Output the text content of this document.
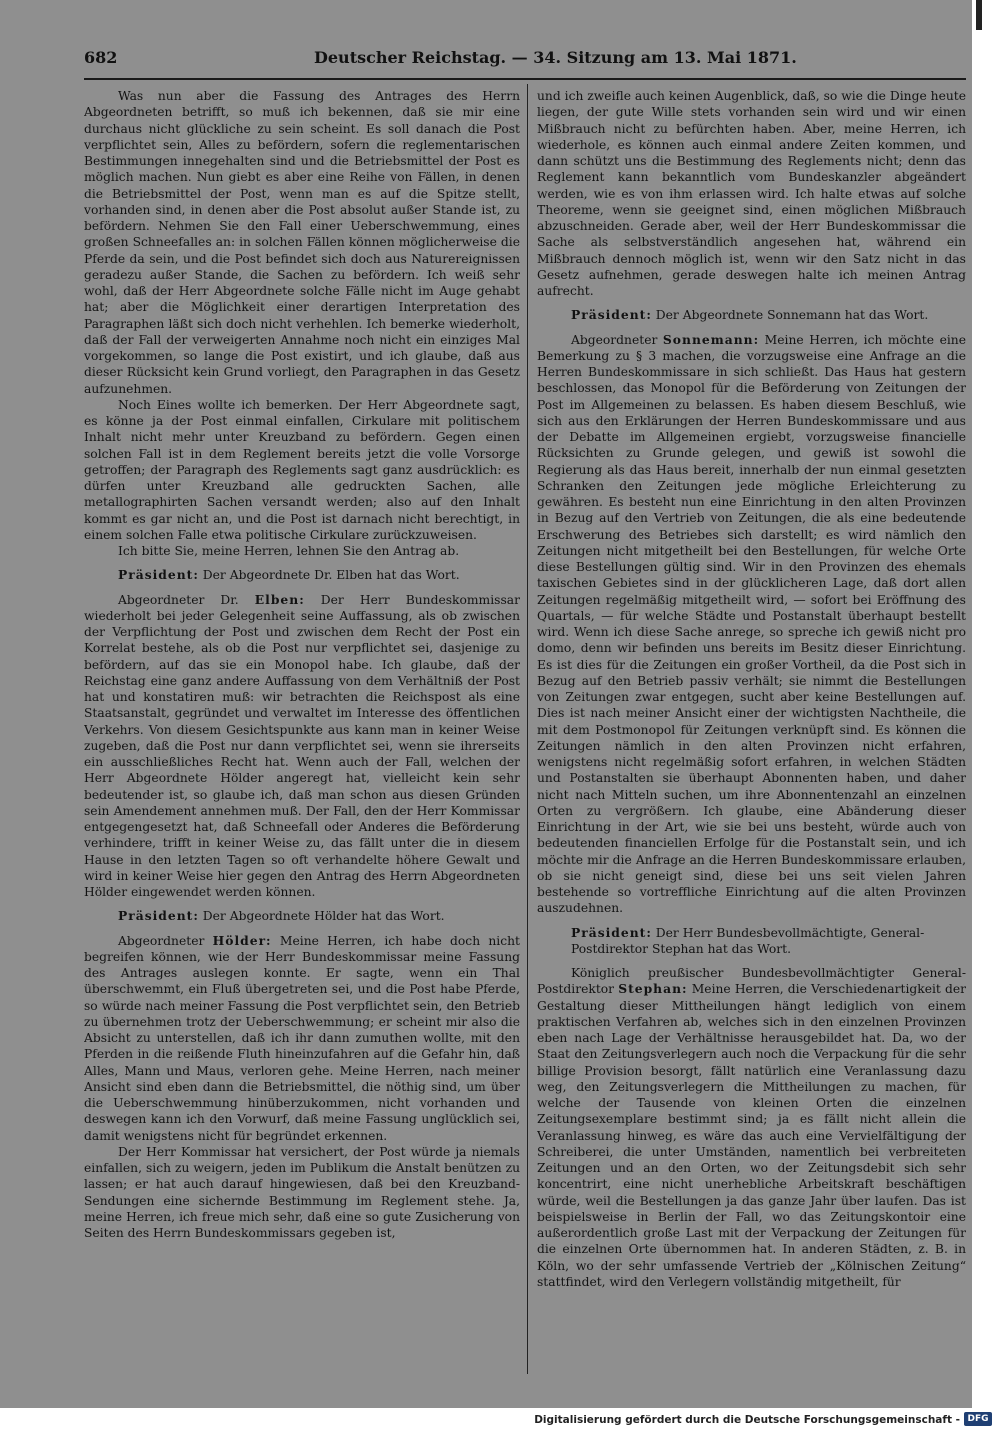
682	Deutscher Reichstag. — 34. Sitzung am 13. Mai 1871.

Was nun aber die Fassung des Antrages des Herrn Abgeordneten betrifft, so muß ich bekennen, daß sie mir eine durchaus nicht glückliche zu sein scheint. Es soll danach die Post verpflichtet sein, Alles zu befördern, sofern die reglementarischen Bestimmungen innegehalten sind und die Betriebsmittel der Post es möglich machen. Nun giebt es aber eine Reihe von Fällen, in denen die Betriebsmittel der Post, wenn man es auf die Spitze stellt, vorhanden sind, in denen aber die Post absolut außer Stande ist, zu befördern. Nehmen Sie den Fall einer Ueberschwemmung, eines großen Schneefalles an: in solchen Fällen können möglicherweise die Pferde da sein, und die Post befindet sich doch aus Naturereignissen geradezu außer Stande, die Sachen zu befördern. Ich weiß sehr wohl, daß der Herr Abgeordnete solche Fälle nicht im Auge gehabt hat; aber die Möglichkeit einer derartigen Interpretation des Paragraphen läßt sich doch nicht verhehlen. Ich bemerke wiederholt, daß der Fall der verweigerten Annahme noch nicht ein einziges Mal vorgekommen, so lange die Post existirt, und ich glaube, daß aus dieser Rücksicht kein Grund vorliegt, den Paragraphen in das Gesetz aufzunehmen.

Noch Eines wollte ich bemerken. Der Herr Abgeordnete sagt, es könne ja der Post einmal einfallen, Cirkulare mit politischem Inhalt nicht mehr unter Kreuzband zu befördern. Gegen einen solchen Fall ist in dem Reglement bereits jetzt die volle Vorsorge getroffen; der Paragraph des Reglements sagt ganz ausdrücklich: es dürfen unter Kreuzband alle gedruckten Sachen, alle metallographirten Sachen versandt werden; also auf den Inhalt kommt es gar nicht an, und die Post ist darnach nicht berechtigt, in einem solchen Falle etwa politische Cirkulare zurückzuweisen.

Ich bitte Sie, meine Herren, lehnen Sie den Antrag ab.

Präsident: Der Abgeordnete Dr. Elben hat das Wort.

Abgeordneter Dr. Elben: Der Herr Bundeskommissar wiederholt bei jeder Gelegenheit seine Auffassung, als ob zwischen der Verpflichtung der Post und zwischen dem Recht der Post ein Korrelat bestehe, als ob die Post nur verpflichtet sei, dasjenige zu befördern, auf das sie ein Monopol habe. Ich glaube, daß der Reichstag eine ganz andere Auffassung von dem Verhältniß der Post hat und konstatiren muß: wir betrachten die Reichspost als eine Staatsanstalt, gegründet und verwaltet im Interesse des öffentlichen Verkehrs. Von diesem Gesichtspunkte aus kann man in keiner Weise zugeben, daß die Post nur dann verpflichtet sei, wenn sie ihrerseits ein ausschließliches Recht hat. Wenn auch der Fall, welchen der Herr Abgeordnete Hölder angeregt hat, vielleicht kein sehr bedeutender ist, so glaube ich, daß man schon aus diesen Gründen sein Amendement annehmen muß. Der Fall, den der Herr Kommissar entgegengesetzt hat, daß Schneefall oder Anderes die Beförderung verhindere, trifft in keiner Weise zu, das fällt unter die in diesem Hause in den letzten Tagen so oft verhandelte höhere Gewalt und wird in keiner Weise hier gegen den Antrag des Herrn Abgeordneten Hölder eingewendet werden können.

Präsident: Der Abgeordnete Hölder hat das Wort.

Abgeordneter Hölder: Meine Herren, ich habe doch nicht begreifen können, wie der Herr Bundeskommissar meine Fassung des Antrages auslegen konnte. Er sagte, wenn ein Thal überschwemmt, ein Fluß übergetreten sei, und die Post habe Pferde, so würde nach meiner Fassung die Post verpflichtet sein, den Betrieb zu übernehmen trotz der Ueberschwemmung; er scheint mir also die Absicht zu unterstellen, daß ich ihr dann zumuthen wollte, mit den Pferden in die reißende Fluth hineinzufahren auf die Gefahr hin, daß Alles, Mann und Maus, verloren gehe. Meine Herren, nach meiner Ansicht sind eben dann die Betriebsmittel, die nöthig sind, um über die Ueberschwemmung hinüberzukommen, nicht vorhanden und deswegen kann ich den Vorwurf, daß meine Fassung unglücklich sei, damit wenigstens nicht für begründet erkennen.

Der Herr Kommissar hat versichert, der Post würde ja niemals einfallen, sich zu weigern, jeden im Publikum die Anstalt benützen zu lassen; er hat auch darauf hingewiesen, daß bei den Kreuzband-Sendungen eine sichernde Bestimmung im Reglement stehe. Ja, meine Herren, ich freue mich sehr, daß eine so gute Zusicherung von Seiten des Herrn Bundeskommissars gegeben ist,

und ich zweifle auch keinen Augenblick, daß, so wie die Dinge heute liegen, der gute Wille stets vorhanden sein wird und wir einen Mißbrauch nicht zu befürchten haben. Aber, meine Herren, ich wiederhole, es können auch einmal andere Zeiten kommen, und dann schützt uns die Bestimmung des Reglements nicht; denn das Reglement kann bekanntlich vom Bundeskanzler abgeändert werden, wie es von ihm erlassen wird. Ich halte etwas auf solche Theoreme, wenn sie geeignet sind, einen möglichen Mißbrauch abzuschneiden. Gerade aber, weil der Herr Bundeskommissar die Sache als selbstverständlich angesehen hat, während ein Mißbrauch dennoch möglich ist, wenn wir den Satz nicht in das Gesetz aufnehmen, gerade deswegen halte ich meinen Antrag aufrecht.

Präsident: Der Abgeordnete Sonnemann hat das Wort.

Abgeordneter Sonnemann: Meine Herren, ich möchte eine Bemerkung zu § 3 machen, die vorzugsweise eine Anfrage an die Herren Bundeskommissare in sich schließt. Das Haus hat gestern beschlossen, das Monopol für die Beförderung von Zeitungen der Post im Allgemeinen zu belassen. Es haben diesem Beschluß, wie sich aus den Erklärungen der Herren Bundeskommissare und aus der Debatte im Allgemeinen ergiebt, vorzugsweise financielle Rücksichten zu Grunde gelegen, und gewiß ist sowohl die Regierung als das Haus bereit, innerhalb der nun einmal gesetzten Schranken den Zeitungen jede mögliche Erleichterung zu gewähren. Es besteht nun eine Einrichtung in den alten Provinzen in Bezug auf den Vertrieb von Zeitungen, die als eine bedeutende Erschwerung des Betriebes sich darstellt; es wird nämlich den Zeitungen nicht mitgetheilt bei den Bestellungen, für welche Orte diese Bestellungen gültig sind. Wir in den Provinzen des ehemals taxischen Gebietes sind in der glücklicheren Lage, daß dort allen Zeitungen regelmäßig mitgetheilt wird, — sofort bei Eröffnung des Quartals, — für welche Städte und Postanstalt überhaupt bestellt wird. Wenn ich diese Sache anrege, so spreche ich gewiß nicht pro domo, denn wir befinden uns bereits im Besitz dieser Einrichtung. Es ist dies für die Zeitungen ein großer Vortheil, da die Post sich in Bezug auf den Betrieb passiv verhält; sie nimmt die Bestellungen von Zeitungen zwar entgegen, sucht aber keine Bestellungen auf. Dies ist nach meiner Ansicht einer der wichtigsten Nachtheile, die mit dem Postmonopol für Zeitungen verknüpft sind. Es können die Zeitungen nämlich in den alten Provinzen nicht erfahren, wenigstens nicht regelmäßig sofort erfahren, in welchen Städten und Postanstalten sie überhaupt Abonnenten haben, und daher nicht nach Mitteln suchen, um ihre Abonnentenzahl an einzelnen Orten zu vergrößern. Ich glaube, eine Abänderung dieser Einrichtung in der Art, wie sie bei uns besteht, würde auch von bedeutenden financiellen Erfolge für die Postanstalt sein, und ich möchte mir die Anfrage an die Herren Bundeskommissare erlauben, ob sie nicht geneigt sind, diese bei uns seit vielen Jahren bestehende so vortreffliche Einrichtung auf die alten Provinzen auszudehnen.

Präsident: Der Herr Bundesbevollmächtigte, General-Postdirektor Stephan hat das Wort.

Königlich preußischer Bundesbevollmächtigter General-Postdirektor Stephan: Meine Herren, die Verschiedenartigkeit der Gestaltung dieser Mittheilungen hängt lediglich von einem praktischen Verfahren ab, welches sich in den einzelnen Provinzen eben nach Lage der Verhältnisse herausgebildet hat. Da, wo der Staat den Zeitungsverlegern auch noch die Verpackung für die sehr billige Provision besorgt, fällt natürlich eine Veranlassung dazu weg, den Zeitungsverlegern die Mittheilungen zu machen, für welche der Tausende von kleinen Orten die einzelnen Zeitungsexemplare bestimmt sind; ja es fällt nicht allein die Veranlassung hinweg, es wäre das auch eine Vervielfältigung der Schreiberei, die unter Umständen, namentlich bei verbreiteten Zeitungen und an den Orten, wo der Zeitungsdebit sich sehr koncentrirt, eine nicht unerhebliche Arbeitskraft beschäftigen würde, weil die Bestellungen ja das ganze Jahr über laufen. Das ist beispielsweise in Berlin der Fall, wo das Zeitungskontoir eine außerordentlich große Last mit der Verpackung der Zeitungen für die einzelnen Orte übernommen hat. In anderen Städten, z. B. in Köln, wo der sehr umfassende Vertrieb der „Kölnischen Zeitung“ stattfindet, wird den Verlegern vollständig mitgetheilt, für

Digitalisierung gefördert durch die Deutsche Forschungsgemeinschaft - DFG
